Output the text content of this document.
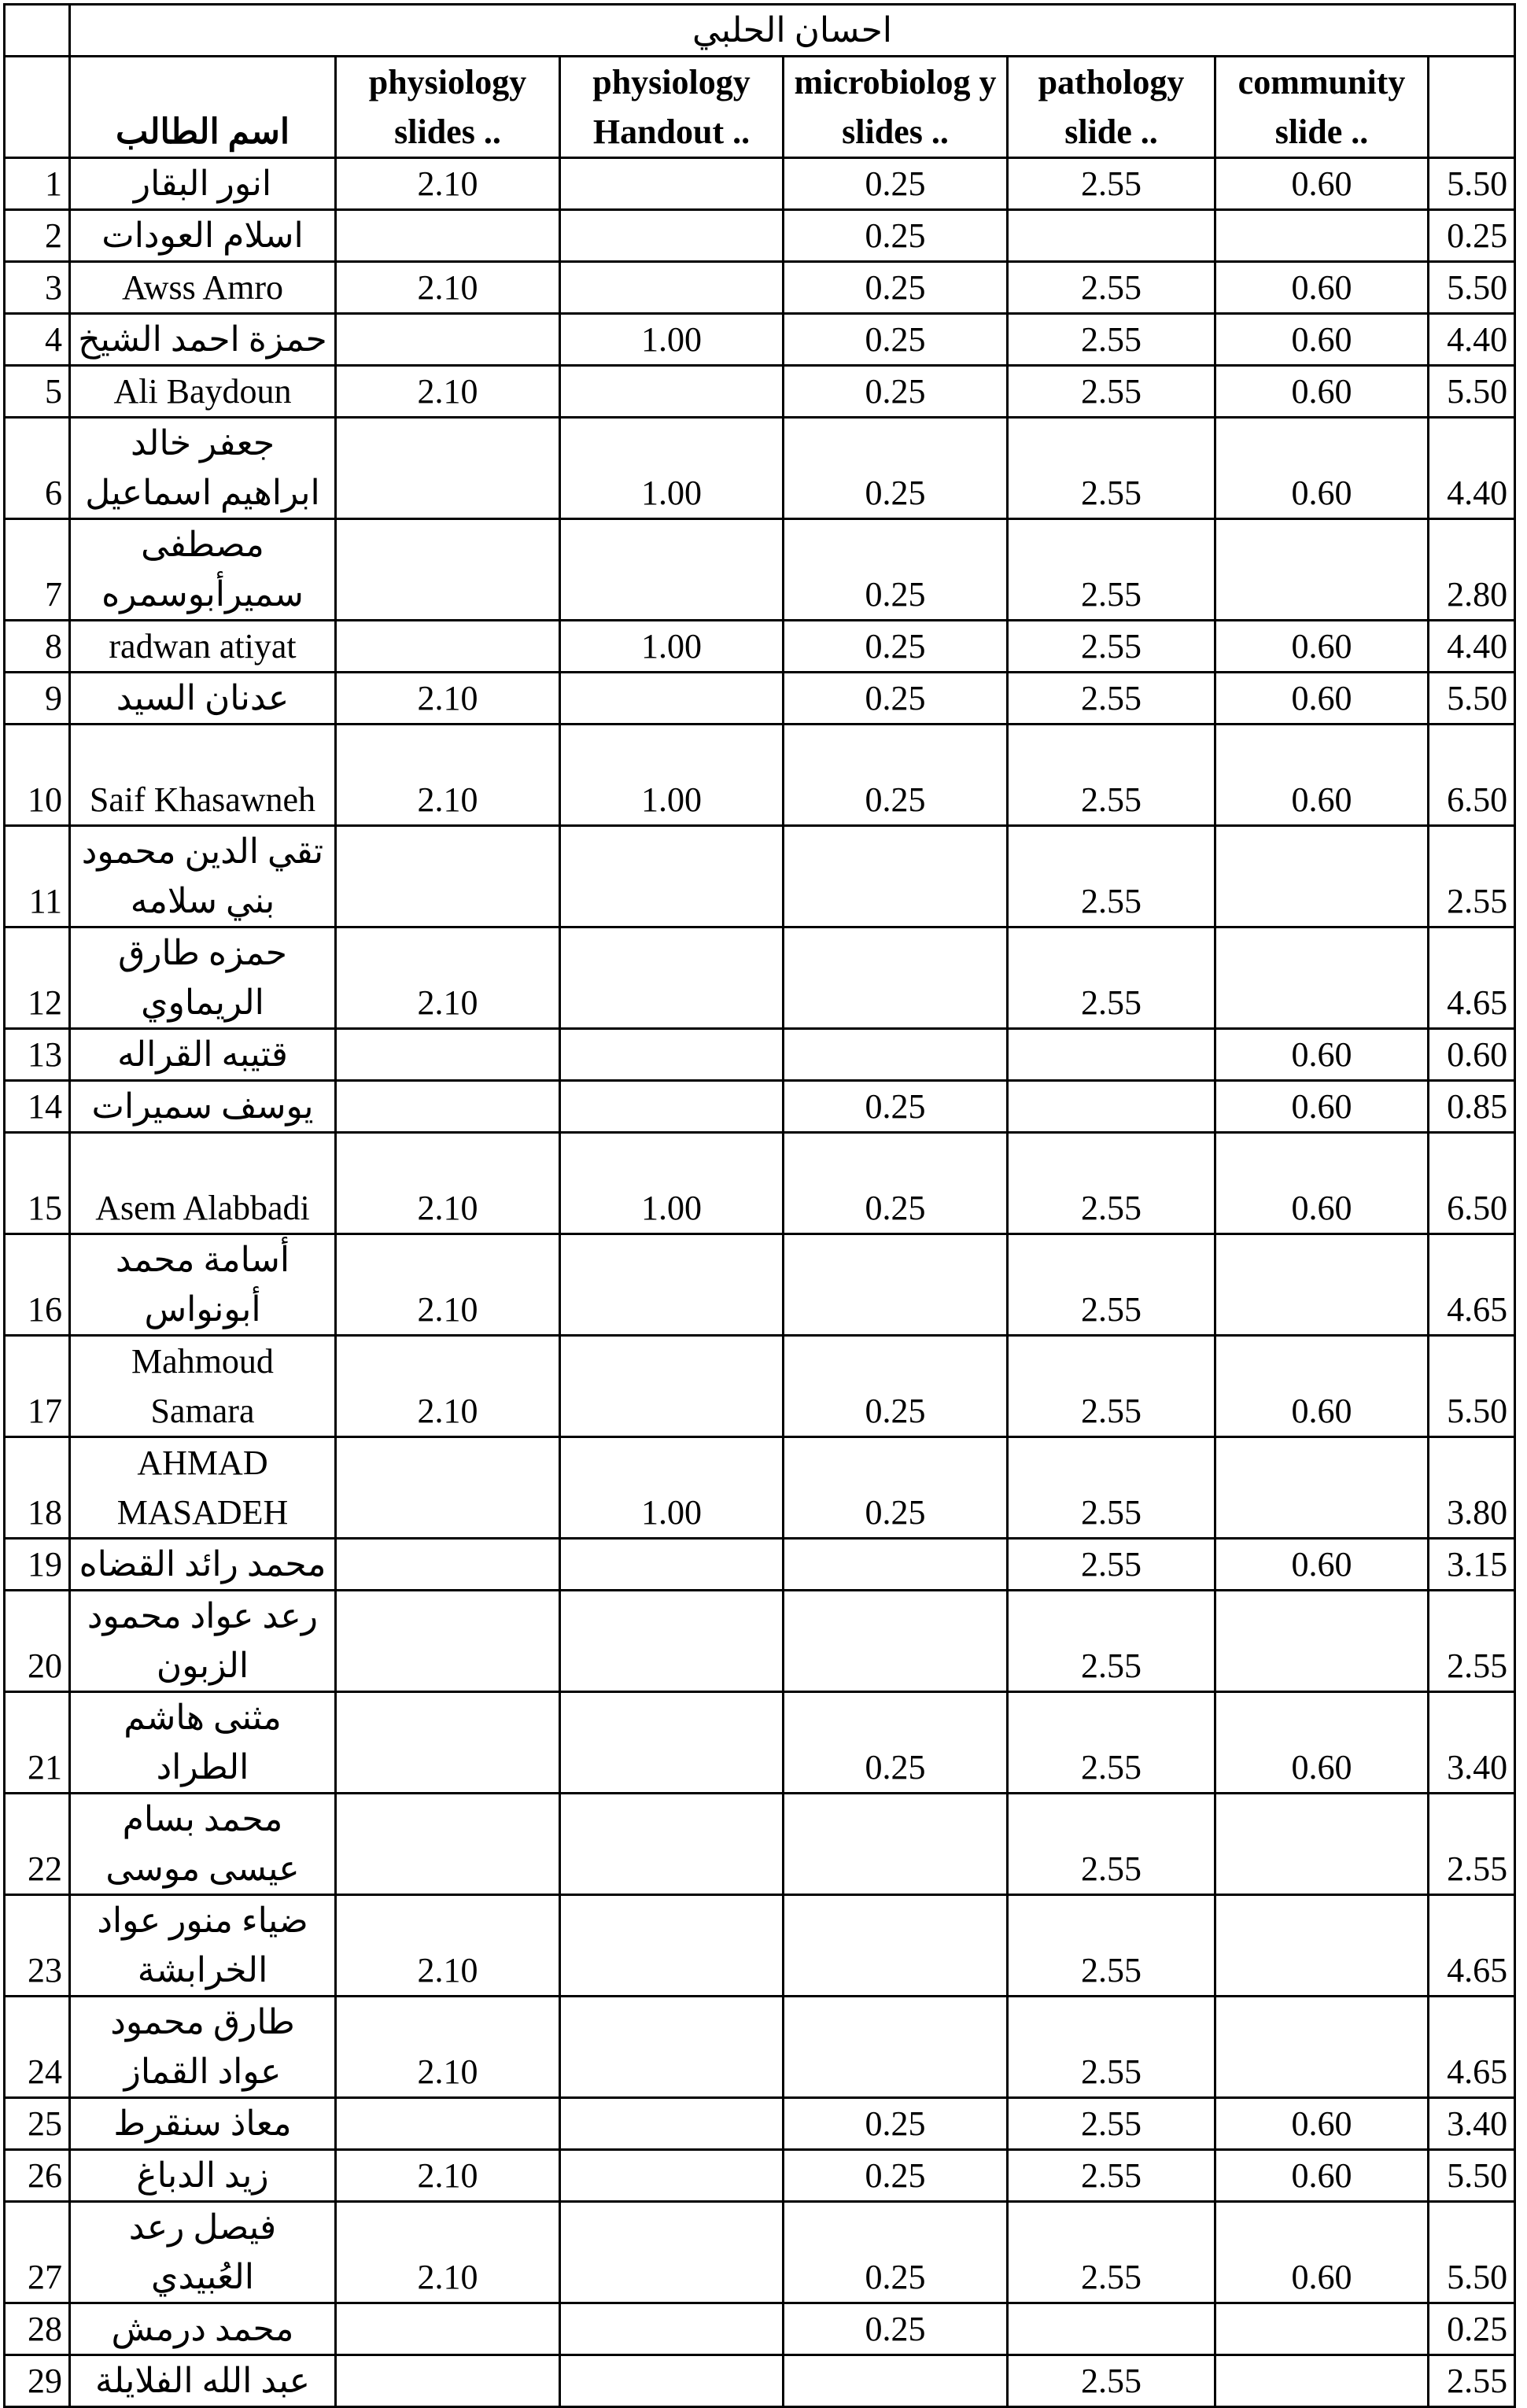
	احسان الحلبي						
	اسم الطالب	physiology slides ..	physiology Handout ..	microbiolog y slides ..	pathology slide ..	community slide ..	
1	انور البقار	2.10		0.25	2.55	0.60	5.50
2	اسلام العودات			0.25			0.25
3	Awss Amro	2.10		0.25	2.55	0.60	5.50
4	حمزة احمد الشيخ		1.00	0.25	2.55	0.60	4.40
5	Ali Baydoun	2.10		0.25	2.55	0.60	5.50
6	جعفر خالد ابراهيم اسماعيل		1.00	0.25	2.55	0.60	4.40
7	مصطفى سميرأبوسمره			0.25	2.55		2.80
8	radwan atiyat		1.00	0.25	2.55	0.60	4.40
9	عدنان السيد	2.10		0.25	2.55	0.60	5.50
10	Saif Khasawneh	2.10	1.00	0.25	2.55	0.60	6.50
11	تقي الدين محمود بني سلامه				2.55		2.55
12	حمزه طارق الريماوي	2.10			2.55		4.65
13	قتيبه القراله					0.60	0.60
14	يوسف سميرات			0.25		0.60	0.85
15	Asem Alabbadi	2.10	1.00	0.25	2.55	0.60	6.50
16	أسامة محمد أبونواس	2.10			2.55		4.65
17	Mahmoud Samara	2.10		0.25	2.55	0.60	5.50
18	AHMAD MASADEH		1.00	0.25	2.55		3.80
19	محمد رائد القضاه				2.55	0.60	3.15
20	رعد عواد محمود الزبون				2.55		2.55
21	مثنى هاشم الطراد			0.25	2.55	0.60	3.40
22	محمد بسام عيسى موسى				2.55		2.55
23	ضياء منور عواد الخرابشة	2.10			2.55		4.65
24	طارق محمود عواد القماز	2.10			2.55		4.65
25	معاذ سنقرط			0.25	2.55	0.60	3.40
26	زيد الدباغ	2.10		0.25	2.55	0.60	5.50
27	فيصل رعد العُبيدي	2.10		0.25	2.55	0.60	5.50
28	محمد درمش			0.25			0.25
29	عبد الله الفلايلة				2.55		2.55
